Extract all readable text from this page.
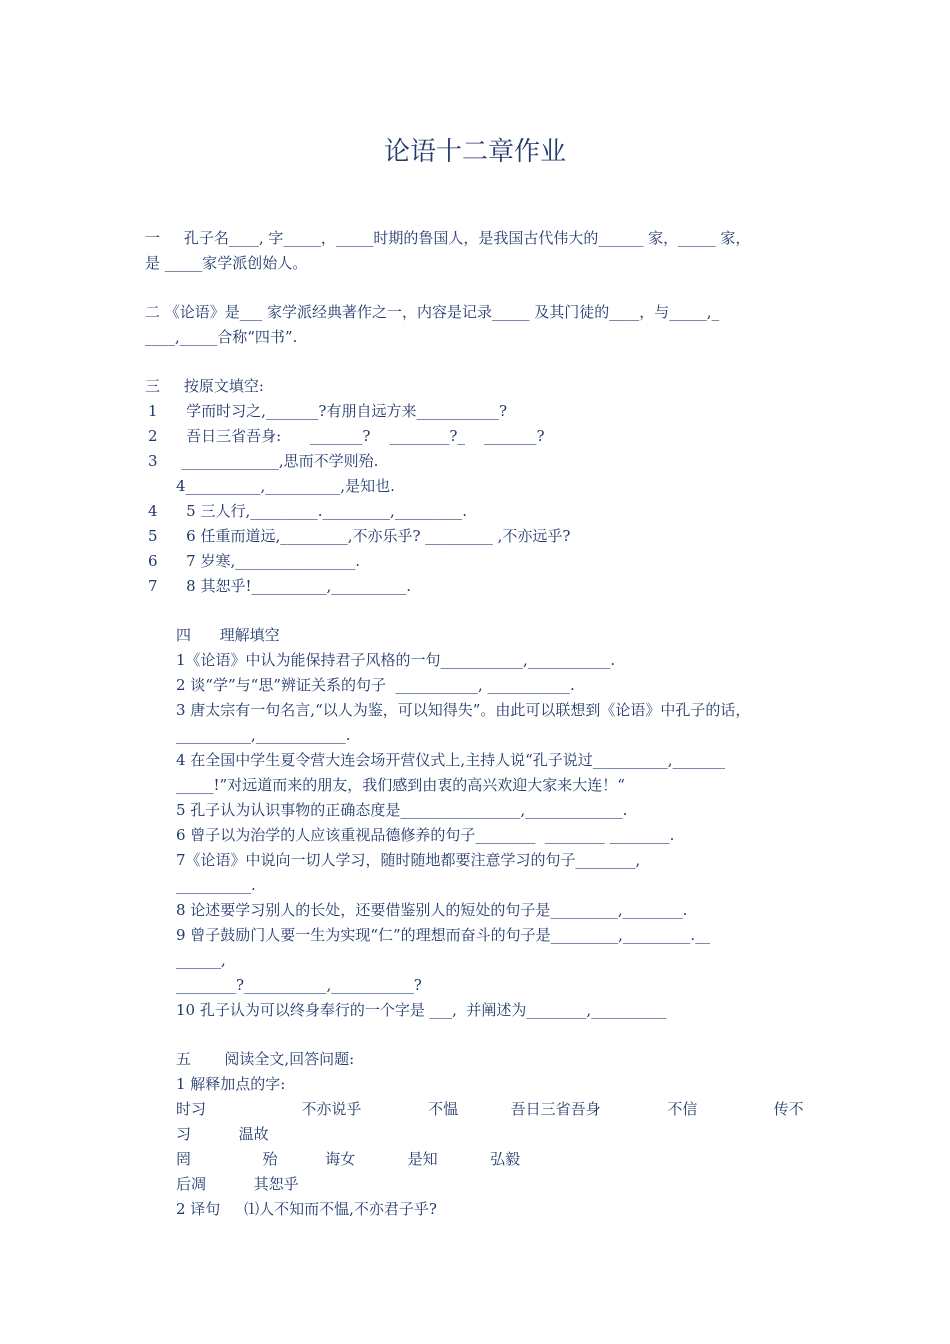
论语十二章作业
一     孔子名____, 字_____，_____时期的鲁国人，是我国古代伟大的______ 家，_____ 家，
是 _____家学派创始人。
二 《论语》是___ 家学派经典著作之一，内容是记录_____ 及其门徒的____，与_____,_
____,_____合称“四书”.
三     按原文填空:
1      学而时习之,_______?有朋自远方来___________?
2      吾日三省吾身:      _______?    ________?_    _______?
3     _____________,思而不学则殆.
4__________,__________,是知也.
4      5 三人行,_________._________,_________.
5      6 任重而道远,_________,不亦乐乎? _________ ,不亦远乎?
6      7 岁寒,________________.
7      8 其恕乎!__________,__________.
四      理解填空
1《论语》中认为能保持君子风格的一句___________,___________.
2 谈“学”与“思”辨证关系的句子  ___________, ___________.
3 唐太宗有一句名言,“以人为鉴，可以知得失”。由此可以联想到《论语》中孔子的话，
__________,____________.
4 在全国中学生夏令营大连会场开营仪式上,主持人说“孔子说过__________,_______
_____!”对远道而来的朋友，我们感到由衷的高兴欢迎大家来大连！“
5 孔子认为认识事物的正确态度是________________,_____________.
6 曾子以为治学的人应该重视品德修养的句子________  ________ ________.
7《论语》中说向一切人学习，随时随地都要注意学习的句子________,
__________.
8 论述要学习别人的长处，还要借鉴别人的短处的句子是_________,________.
9 曾子鼓励门人要一生为实现“仁”的理想而奋斗的句子是_________,_________.__
______,
________?___________,___________?
10 孔子认为可以终身奉行的一个字是 ___,  并阐述为________,__________
五       阅读全文,回答问题:
1 解释加点的字:
时习                    不亦说乎              不愠           吾日三省吾身              不信                传不
习          温故
罔               殆          诲女           是知           弘毅
后凋          其恕乎
2 译句     ⑴人不知而不愠,不亦君子乎?
